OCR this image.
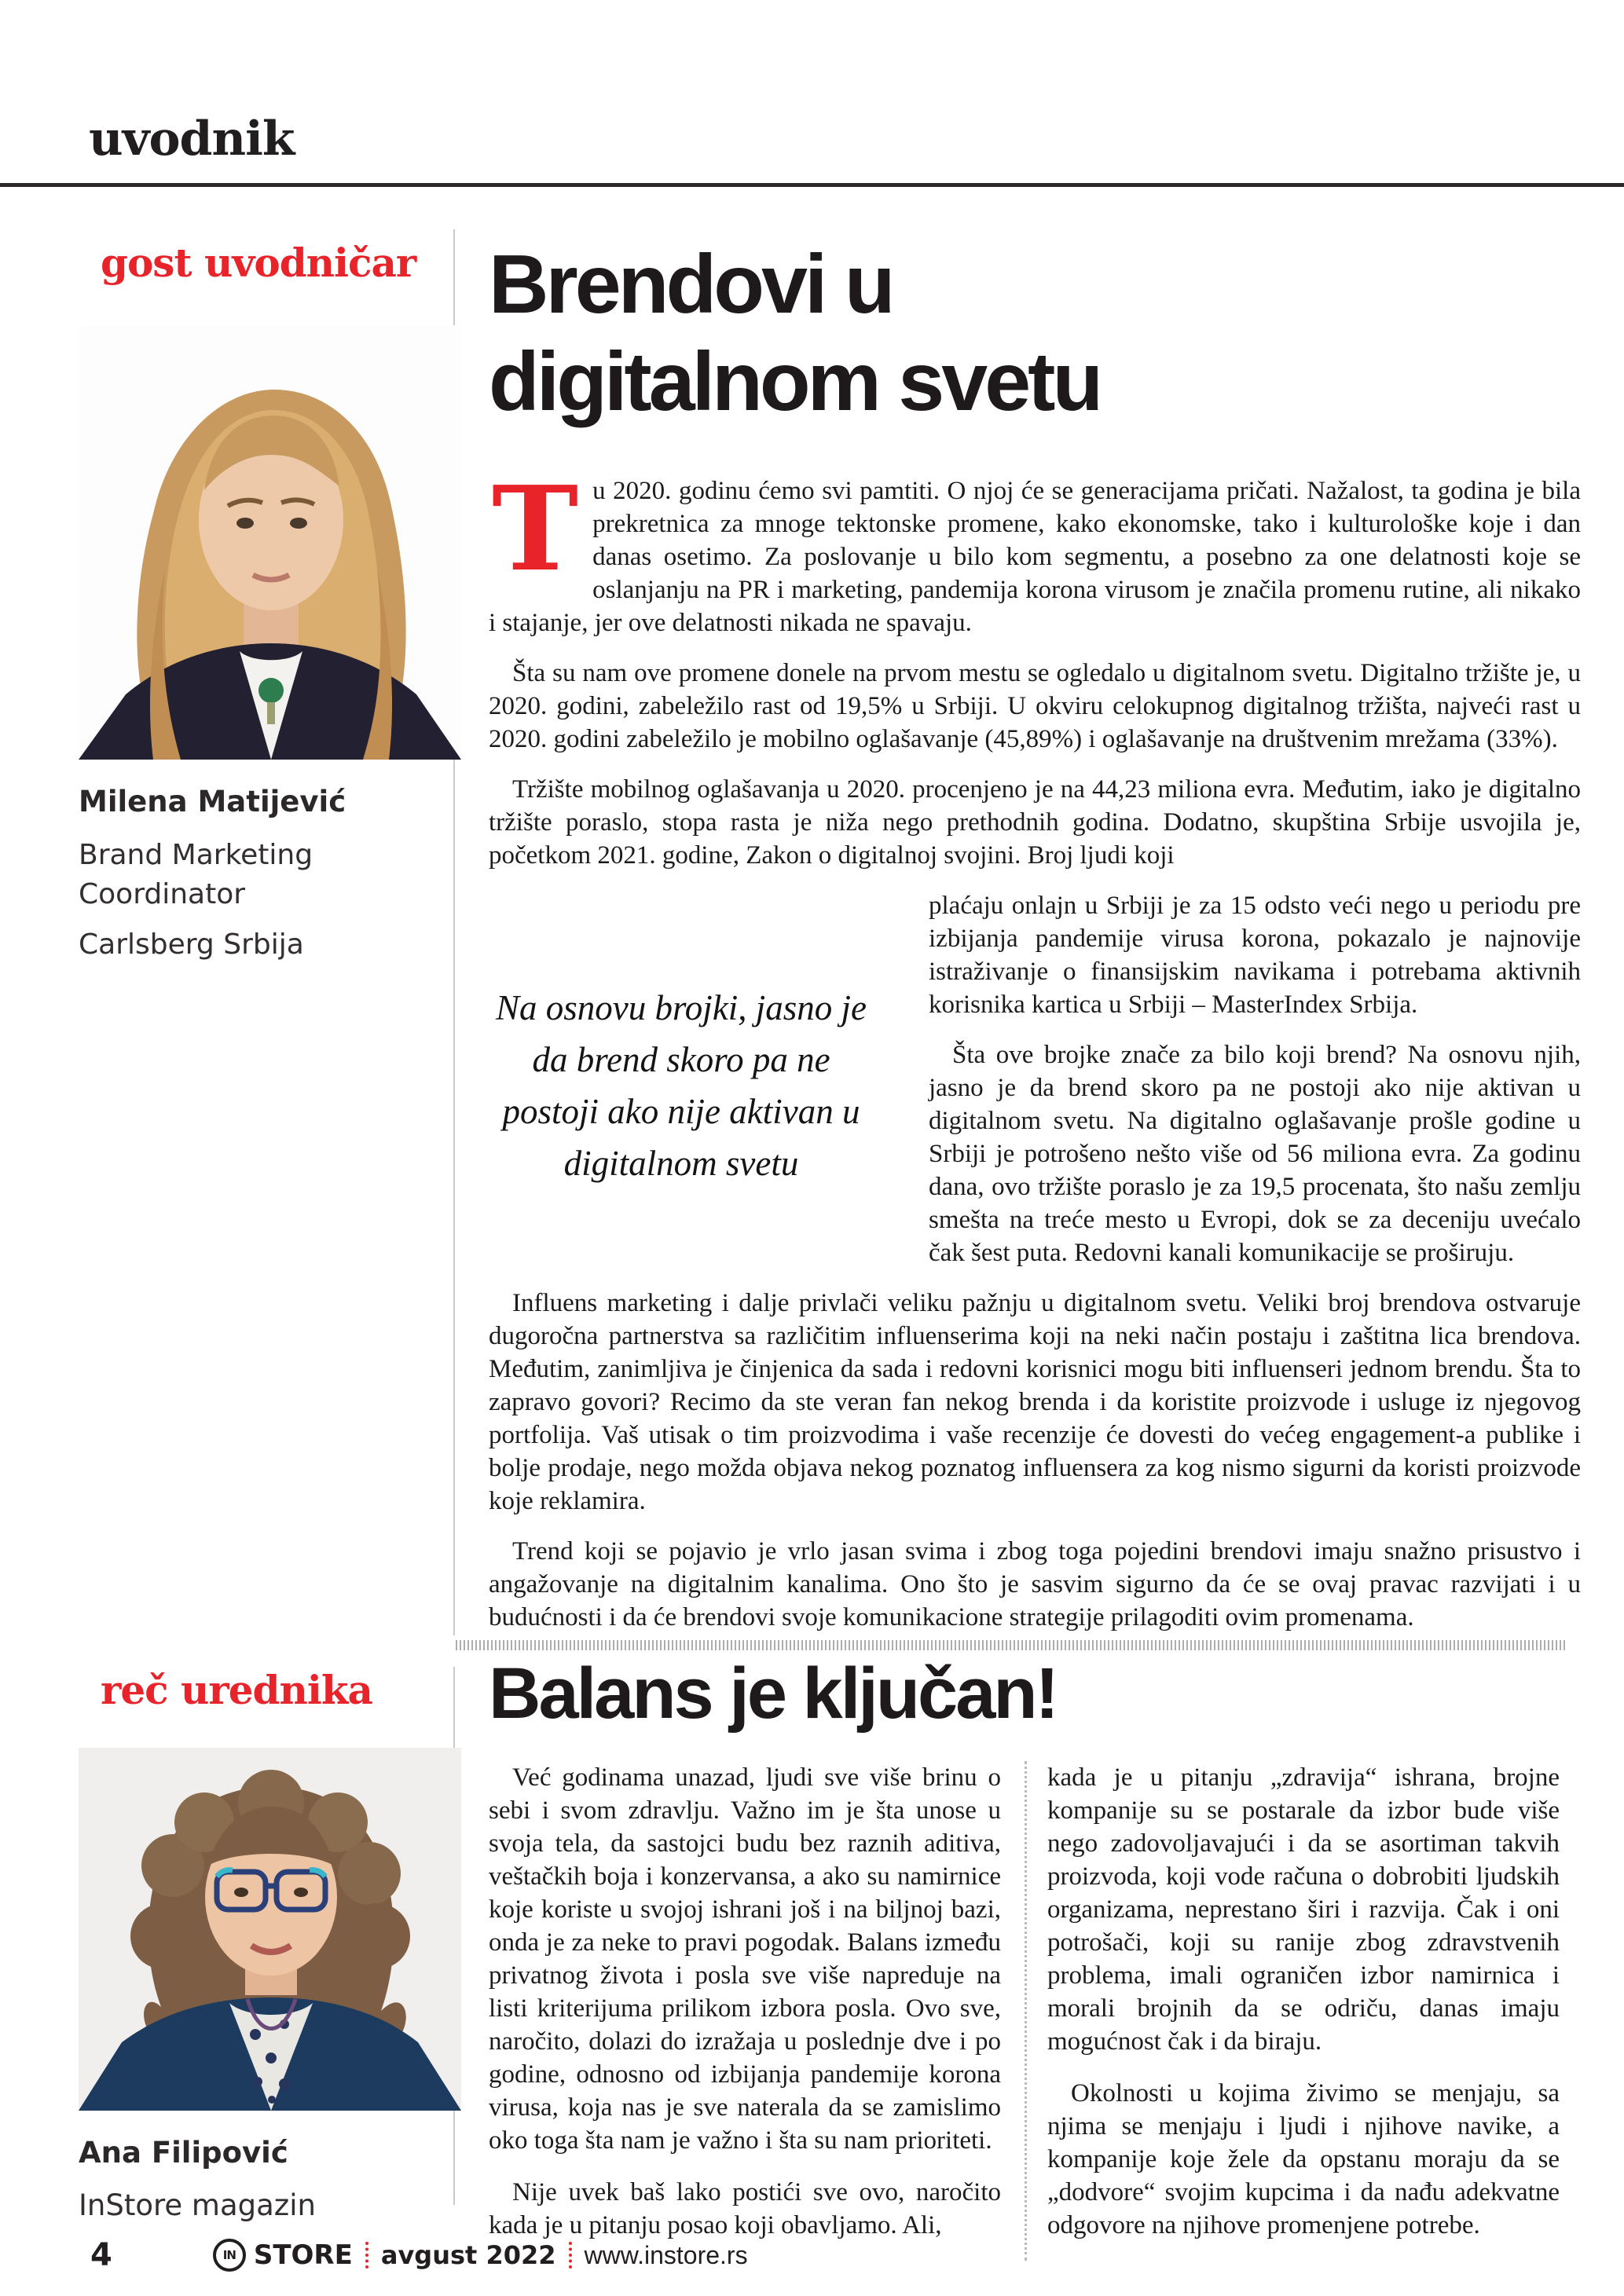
uvodnik
gost uvodničar
Milena Matijević
Brand Marketing Coordinator
Carlsberg Srbija
Brendovi u
digitalnom svetu

Tu 2020. godinu ćemo svi pamtiti. O njoj će se generacijama pričati. Nažalost, ta godina je bila prekretnica za mnoge tektonske promene, kako ekonomske, tako i kulturološke koje i dan danas osetimo. Za poslovanje u bilo kom segmentu, a posebno za one delatnosti koje se oslanjanju na PR i marketing, pandemija korona virusom je značila promenu rutine, ali nikako i stajanje, jer ove delatnosti nikada ne spavaju.

Šta su nam ove promene donele na prvom mestu se ogledalo u digitalnom svetu. Digitalno tržište je, u 2020. godini, zabeležilo rast od 19,5% u Srbiji. U okviru celokupnog digitalnog tržišta, najveći rast u 2020. godini zabeležilo je mobilno oglašavanje (45,89%) i oglašavanje na društvenim mrežama (33%).

Tržište mobilnog oglašavanja u 2020. procenjeno je na 44,23 miliona evra. Međutim, iako je digitalno tržište poraslo, stopa rasta je niža nego prethodnih godina. Dodatno, skupština Srbije usvojila je, početkom 2021. godine, Zakon o digitalnoj svojini. Broj ljudi koji

Na osnovu brojki, jasno je da brend skoro pa ne postoji ako nije aktivan u digitalnom svetu

plaćaju onlajn u Srbiji je za 15 odsto veći nego u periodu pre izbijanja pandemije virusa korona, pokazalo je najnovije istraživanje o finansijskim navikama i potrebama aktivnih korisnika kartica u Srbiji – MasterIndex Srbija.

Šta ove brojke znače za bilo koji brend? Na osnovu njih, jasno je da brend skoro pa ne postoji ako nije aktivan u digitalnom svetu. Na digitalno oglašavanje prošle godine u Srbiji je potrošeno nešto više od 56 miliona evra. Za godinu dana, ovo tržište poraslo je za 19,5 procenata, što našu zemlju smešta na treće mesto u Evropi, dok se za deceniju uvećalo čak šest puta. Redovni kanali komunikacije se proširuju.

Influens marketing i dalje privlači veliku pažnju u digitalnom svetu. Veliki broj brendova ostvaruje dugoročna partnerstva sa različitim influenserima koji na neki način postaju i zaštitna lica brendova. Međutim, zanimljiva je činjenica da sada i redovni korisnici mogu biti influenseri jednom brendu. Šta to zapravo govori? Recimo da ste veran fan nekog brenda i da koristite proizvode i usluge iz njegovog portfolija. Vaš utisak o tim proizvodima i vaše recenzije će dovesti do većeg engagement-a publike i bolje prodaje, nego možda objava nekog poznatog influensera za kog nismo sigurni da koristi proizvode koje reklamira.

Trend koji se pojavio je vrlo jasan svima i zbog toga pojedini brendovi imaju snažno prisustvo i angažovanje na digitalnim kanalima. Ono što je sasvim sigurno da će se ovaj pravac razvijati i u budućnosti i da će brendovi svoje komunikacione strategije prilagoditi ovim promenama.

reč urednika
Ana Filipović
InStore magazin
Balans je ključan!

Već godinama unazad, ljudi sve više brinu o sebi i svom zdravlju. Važno im je šta unose u svoja tela, da sastojci budu bez raznih aditiva, veštačkih boja i konzervansa, a ako su namirnice koje koriste u svojoj ishrani još i na biljnoj bazi, onda je za neke to pravi pogodak. Balans između privatnog života i posla sve više napreduje na listi kriterijuma prilikom izbora posla. Ovo sve, naročito, dolazi do izražaja u poslednje dve i po godine, odnosno od izbijanja pandemije korona virusa, koja nas je sve naterala da se zamislimo oko toga šta nam je važno i šta su nam prioriteti.

Nije uvek baš lako postići sve ovo, naročito kada je u pitanju posao koji obavljamo. Ali,

kada je u pitanju „zdravija“ ishrana, brojne kompanije su se postarale da izbor bude više nego zadovoljavajući i da se asortiman takvih proizvoda, koji vode računa o dobrobiti ljudskih organizama, neprestano širi i razvija. Čak i oni potrošači, koji su ranije zbog zdravstvenih problema, imali ograničen izbor namirnica i morali brojnih da se odriču, danas imaju mogućnost čak i da biraju.

Okolnosti u kojima živimo se menjaju, sa njima se menjaju i ljudi i njihove navike, a kompanije koje žele da opstanu moraju da se „dodvore“ svojim kupcima i da nađu adekvatne odgovore na njihove promenjene potrebe.

4	IN STORE avgust 2022 www.instore.rs
